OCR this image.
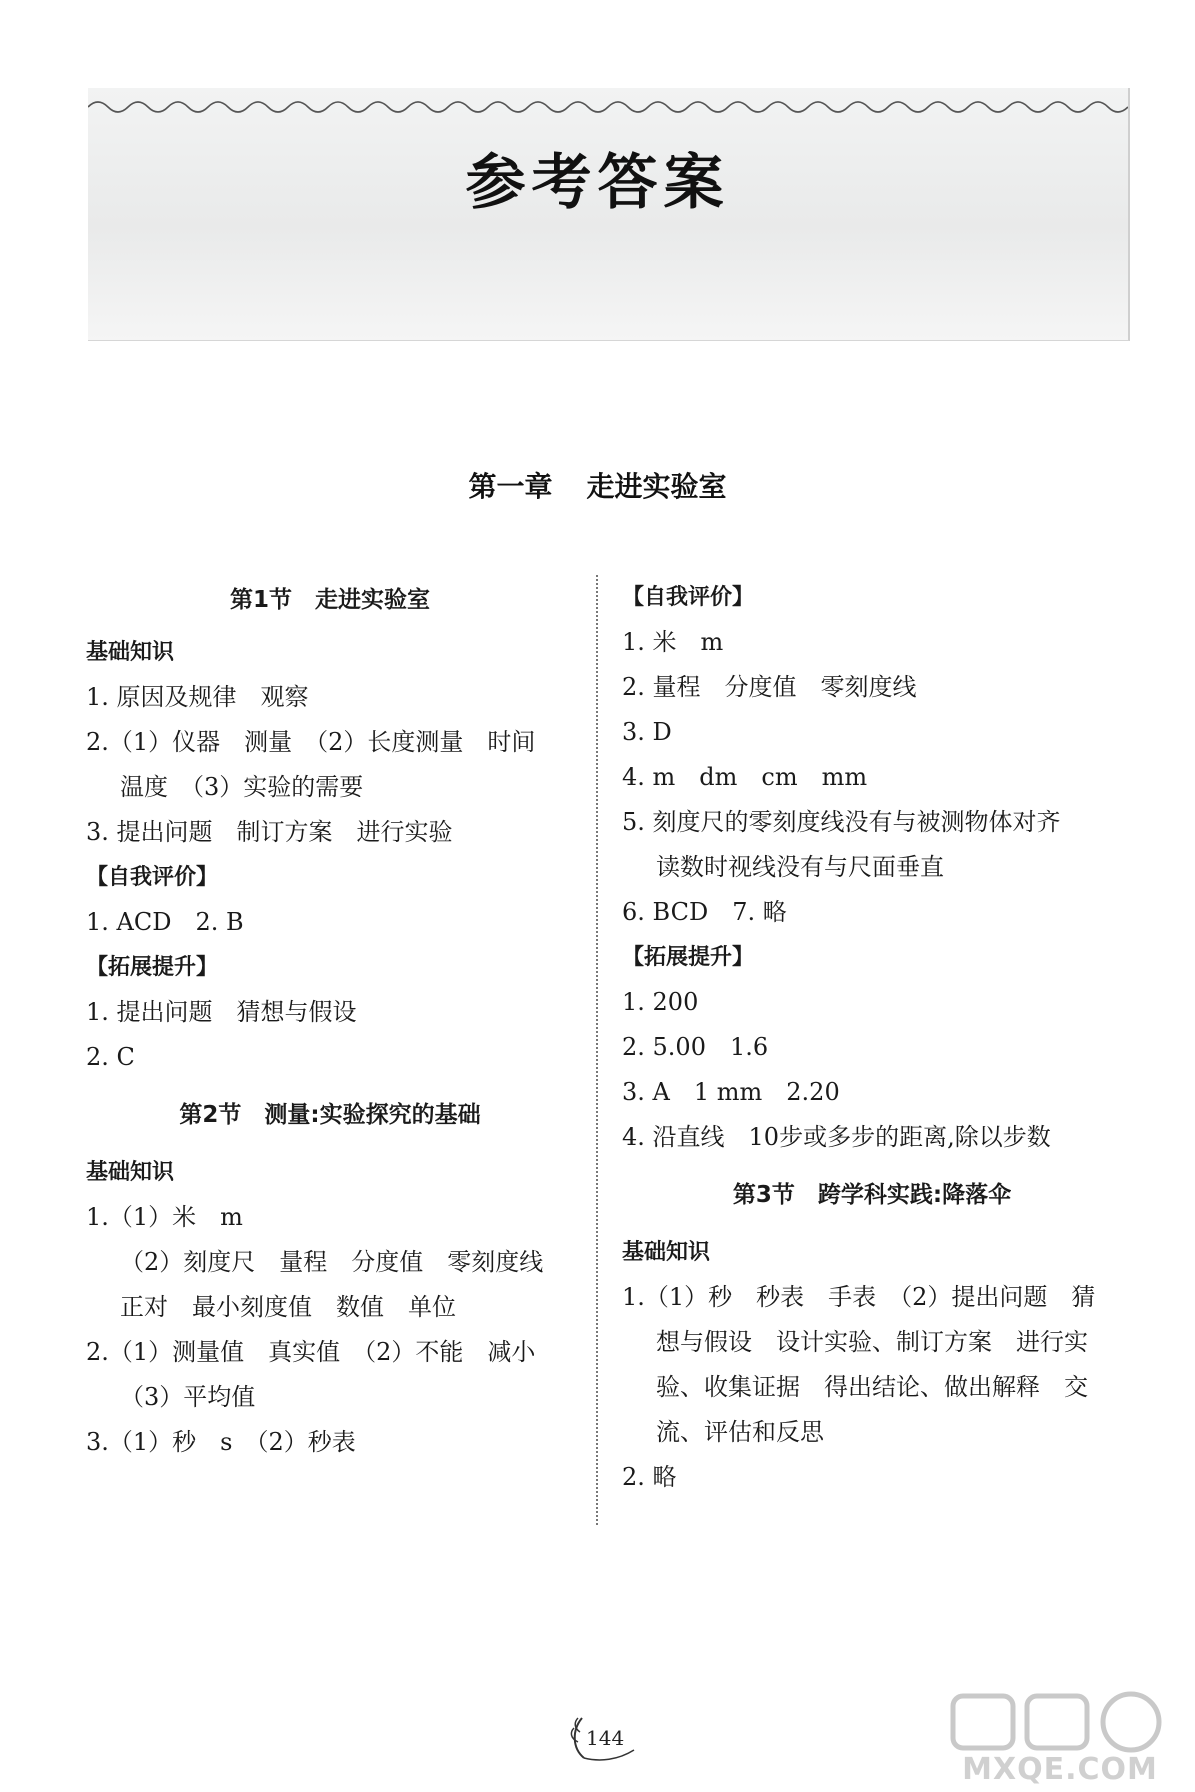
参考答案
第一章 走进实验室
第1节　走进实验室
基础知识
1. 原因及规律　观察
2.（1）仪器　测量　（2）长度测量　时间
温度　（3）实验的需要
3. 提出问题　制订方案　进行实验
【自我评价】
1. ACD　2. B
【拓展提升】
1. 提出问题　猜想与假设
2. C
第2节　测量:实验探究的基础
基础知识
1.（1）米　m
（2）刻度尺　量程　分度值　零刻度线
正对　最小刻度值　数值　单位
2.（1）测量值　真实值　（2）不能　减小
（3）平均值
3.（1）秒　s　（2）秒表
【自我评价】
1. 米　m
2. 量程　分度值　零刻度线
3. D
4. m　dm　cm　mm
5. 刻度尺的零刻度线没有与被测物体对齐
读数时视线没有与尺面垂直
6. BCD　7. 略
【拓展提升】
1. 200
2. 5.00　1.6
3. A　1 mm　2.20
4. 沿直线　10步或多步的距离,除以步数
第3节　跨学科实践:降落伞
基础知识
1.（1）秒　秒表　手表　（2）提出问题　猜
想与假设　设计实验、制订方案　进行实
验、收集证据　得出结论、做出解释　交
流、评估和反思
2. 略
144
MXQE.COM
